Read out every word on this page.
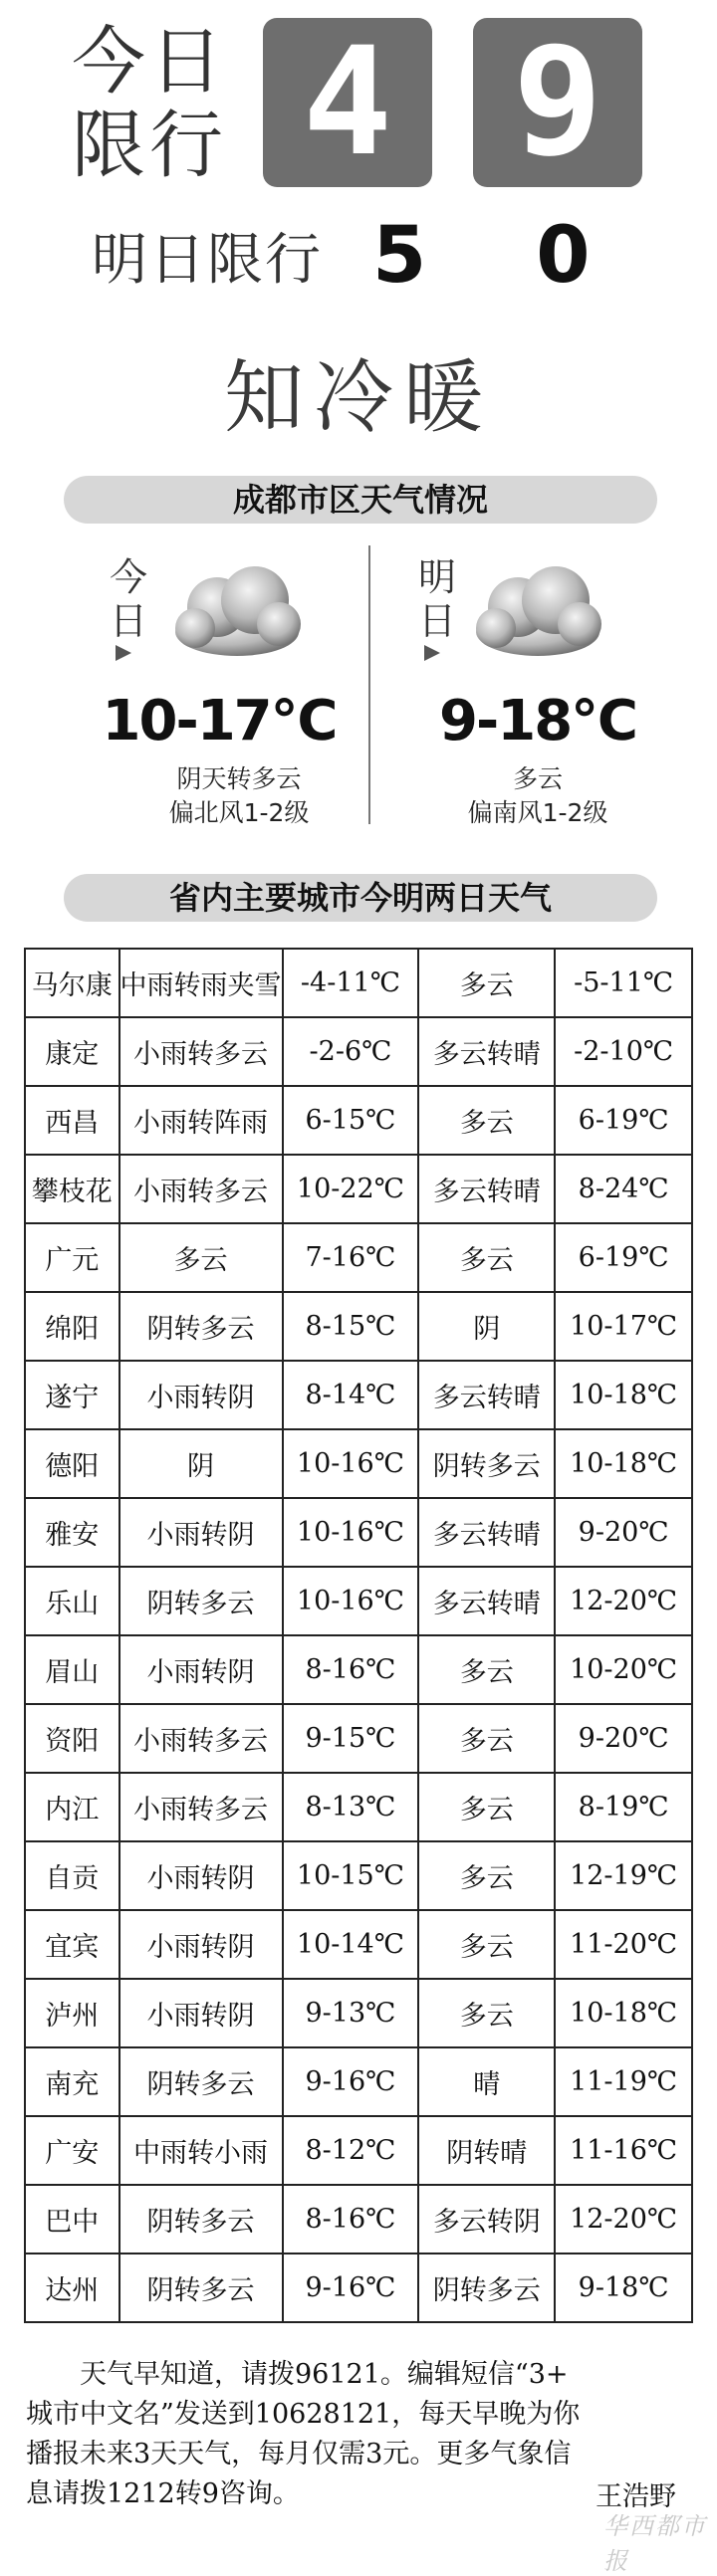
今日限行 4 9
明日限行 5 0
知冷暖
成都市区天气情况
今日
明日
10-17℃
阴天转多云
偏北风1-2级
9-18℃
多云
偏南风1-2级
省内主要城市今明两日天气
马尔康	中雨转雨夹雪	-4-11℃	多云	-5-11℃
康定	小雨转多云	-2-6℃	多云转晴	-2-10℃
西昌	小雨转阵雨	6-15℃	多云	6-19℃
攀枝花	小雨转多云	10-22℃	多云转晴	8-24℃
广元	多云	7-16℃	多云	6-19℃
绵阳	阴转多云	8-15℃	阴	10-17℃
遂宁	小雨转阴	8-14℃	多云转晴	10-18℃
德阳	阴	10-16℃	阴转多云	10-18℃
雅安	小雨转阴	10-16℃	多云转晴	9-20℃
乐山	阴转多云	10-16℃	多云转晴	12-20℃
眉山	小雨转阴	8-16℃	多云	10-20℃
资阳	小雨转多云	9-15℃	多云	9-20℃
内江	小雨转多云	8-13℃	多云	8-19℃
自贡	小雨转阴	10-15℃	多云	12-19℃
宜宾	小雨转阴	10-14℃	多云	11-20℃
泸州	小雨转阴	9-13℃	多云	10-18℃
南充	阴转多云	9-16℃	晴	11-19℃
广安	中雨转小雨	8-12℃	阴转晴	11-16℃
巴中	阴转多云	8-16℃	多云转阴	12-20℃
达州	阴转多云	9-16℃	阴转多云	9-18℃

天气早知道，请拨96121。编辑短信“3+

城市中文名”发送到10628121，每天早晚为你

播报未来3天天气，每月仅需3元。更多气象信

息请拨1212转9咨询。	王浩野
华西都市报
